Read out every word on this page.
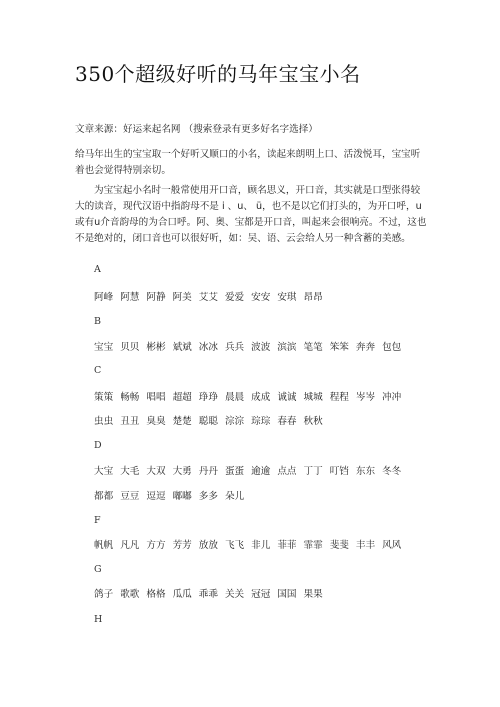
350个超级好听的马年宝宝小名

文章来源：好运来起名网 （搜索登录有更多好名字选择）

给马年出生的宝宝取一个好听又顺口的小名，读起来朗明上口、活泼悦耳，宝宝听着也会觉得特别亲切。

为宝宝起小名时一般常使用开口音，顾名思义，开口音，其实就是口型张得较大的读音，现代汉语中指韵母不是 i 、u、 ü，也不是以它们打头的，为开口呼，u或有u介音韵母的为合口呼。阿、奥、宝都是开口音，叫起来会很响亮。不过，这也不是绝对的，闭口音也可以很好听，如：吴、语、云会给人另一种含蓄的美感。

A

阿峰 阿慧 阿静 阿美 艾艾 爱爱 安安 安琪 昂昂

B

宝宝 贝贝 彬彬 斌斌 冰冰 兵兵 波波 滨滨 笔笔 笨笨 奔奔 包包

C

策策 畅畅 唱唱 超超 琤琤 晨晨 成成 诚诚 城城 程程 岑岑 冲冲

虫虫 丑丑 臭臭 楚楚 聪聪 淙淙 琮琮 春春 秋秋

D

大宝 大毛 大双 大勇 丹丹 蛋蛋 逾逾 点点 丁丁 叮铛 东东 冬冬

都都 豆豆 逗逗 嘟嘟 多多 朵儿

F

帆帆 凡凡 方方 芳芳 放放 飞飞 非儿 菲菲 霏霏 斐斐 丰丰 风风

G

鸽子 歌歌 格格 瓜瓜 乖乖 关关 冠冠 国国 果果

H
